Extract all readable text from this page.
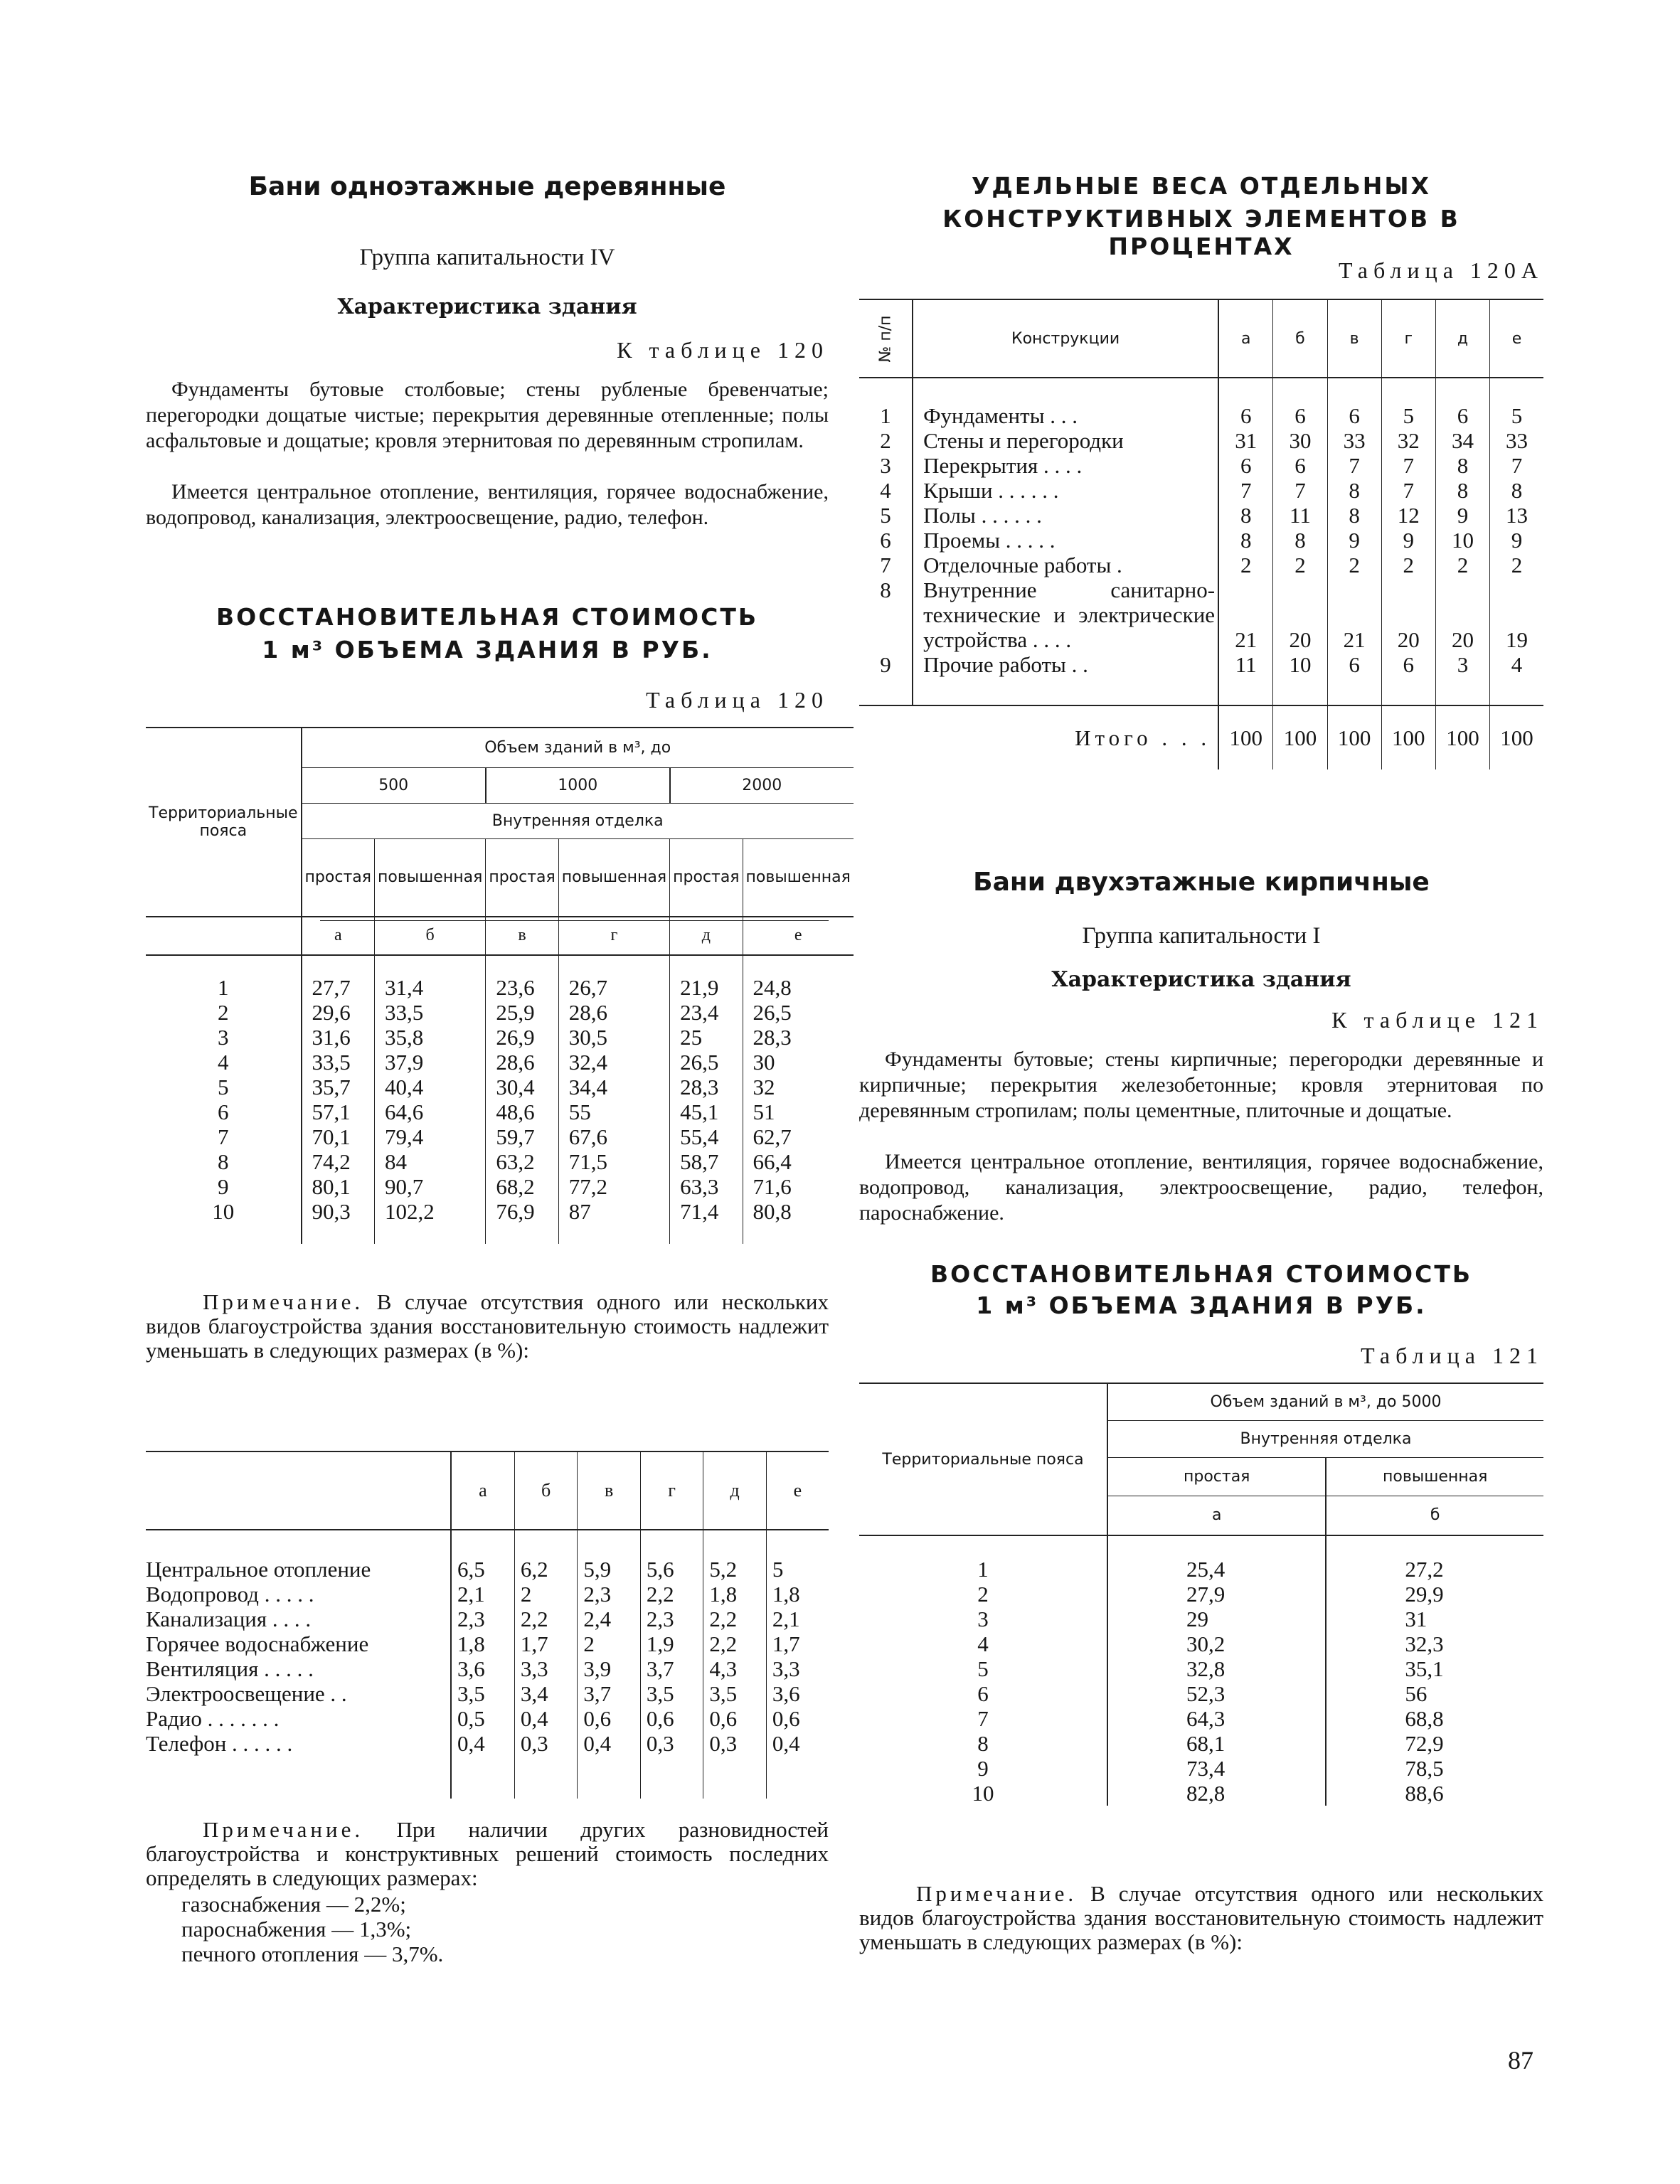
Бани одноэтажные деревянные
Группа капитальности IV
Характеристика здания
К таблице 120
Фундаменты бутовые столбовые; стены рубленые бревенчатые; перегородки дощатые чистые; перекрытия деревянные отепленные; полы асфальтовые и дощатые; кровля этернитовая по деревянным стропилам.
Имеется центральное отопление, вентиляция, горячее водоснабжение, водопровод, канализация, электроосвещение, радио, телефон.
ВОССТАНОВИТЕЛЬНАЯ СТОИМОСТЬ
1 м³ ОБЪЕМА ЗДАНИЯ В РУБ.
Таблица 120
Территориальные пояса	Объем зданий в м³, до					
	500		1000		2000	
	Внутренняя отделка					
	простая	повышенная	простая	повышенная	простая	повышенная

	а	б	в	г	д	е

1	27,7	31,4	23,6	26,7	21,9	24,8
2	29,6	33,5	25,9	28,6	23,4	26,5
3	31,6	35,8	26,9	30,5	25	28,3
4	33,5	37,9	28,6	32,4	26,5	30
5	35,7	40,4	30,4	34,4	28,3	32
6	57,1	64,6	48,6	55	45,1	51
7	70,1	79,4	59,7	67,6	55,4	62,7
8	74,2	84	63,2	71,5	58,7	66,4
9	80,1	90,7	68,2	77,2	63,3	71,6
10	90,3	102,2	76,9	87	71,4	80,8

Примечание. В случае отсутствия одного или нескольких видов благоустройства здания восстановительную стоимость надлежит уменьшать в следующих размерах (в %):
	а	б	в	г	д	е

Центральное отопление	6,5	6,2	5,9	5,6	5,2	5
Водопровод . . . . .	2,1	2	2,3	2,2	1,8	1,8
Канализация . . . .	2,3	2,2	2,4	2,3	2,2	2,1
Горячее водоснабжение	1,8	1,7	2	1,9	2,2	1,7
Вентиляция . . . . .	3,6	3,3	3,9	3,7	4,3	3,3
Электроосвещение . .	3,5	3,4	3,7	3,5	3,5	3,6
Радио . . . . . . .	0,5	0,4	0,6	0,6	0,6	0,6
Телефон . . . . . .	0,4	0,3	0,4	0,3	0,3	0,4

Примечание. При наличии других разновидностей благоустройства и конструктивных решений стоимость последних определять в следующих размерах:
газоснабжения — 2,2%;
пароснабжения — 1,3%;
печного отопления — 3,7%.
УДЕЛЬНЫЕ ВЕСА ОТДЕЛЬНЫХ
КОНСТРУКТИВНЫХ ЭЛЕМЕНТОВ В ПРОЦЕНТАХ
Таблица 120А
№ п/п	Конструкции	а	б	в	г	д	е

1	Фундаменты . . .	6	6	6	5	6	5
2	Стены и перегородки	31	30	33	32	34	33
3	Перекрытия . . . .	6	6	7	7	8	7
4	Крыши . . . . . .	7	7	8	7	8	8
5	Полы . . . . . .	8	11	8	12	9	13
6	Проемы . . . . .	8	8	9	9	10	9
7	Отделочные работы .	2	2	2	2	2	2
8	Внутренние санитарно-технические и электрические устройства . . . .	21	20	21	20	20	19
9	Прочие работы . .	11	10	6	6	3	4

	Итого . . .	100	100	100	100	100	100
Бани двухэтажные кирпичные
Группа капитальности I
Характеристика здания
К таблице 121
Фундаменты бутовые; стены кирпичные; перегородки деревянные и кирпичные; перекрытия железобетонные; кровля этернитовая по деревянным стропилам; полы цементные, плиточные и дощатые.
Имеется центральное отопление, вентиляция, горячее водоснабжение, водопровод, канализация, электроосвещение, радио, телефон, пароснабжение.
ВОССТАНОВИТЕЛЬНАЯ СТОИМОСТЬ
1 м³ ОБЪЕМА ЗДАНИЯ В РУБ.
Таблица 121
Территориальные пояса	Объем зданий в м³, до 5000	
	Внутренняя отделка	
	простая	повышенная
	а	б

1	25,4	27,2
2	27,9	29,9
3	29	31
4	30,2	32,3
5	32,8	35,1
6	52,3	56
7	64,3	68,8
8	68,1	72,9
9	73,4	78,5
10	82,8	88,6
Примечание. В случае отсутствия одного или нескольких видов благоустройства здания восстановительную стоимость надлежит уменьшать в следующих размерах (в %):
87
